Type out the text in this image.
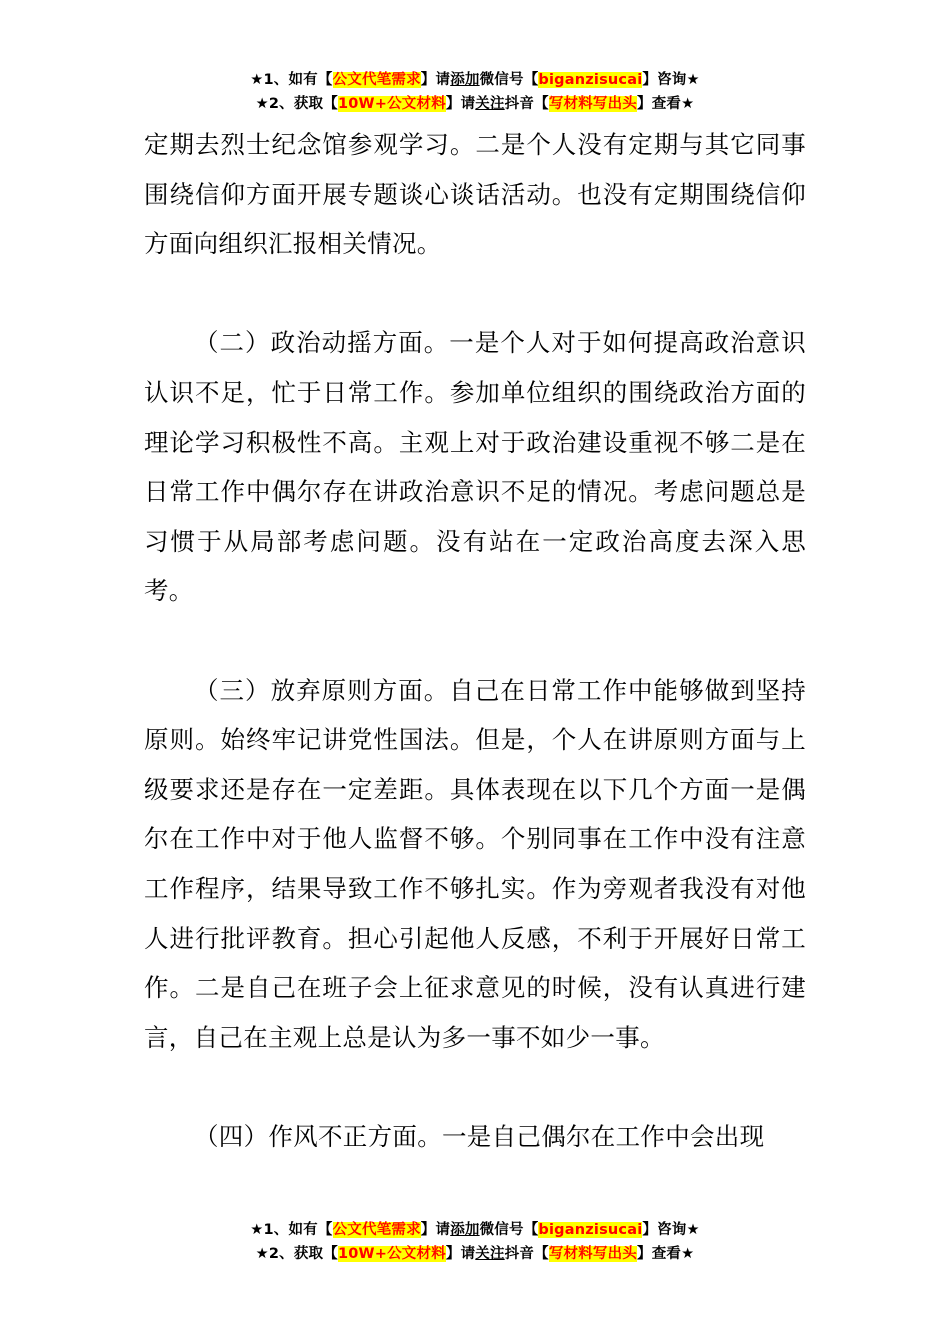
★1、如有【公文代笔需求】请添加微信号【biganzisucai】咨询★
★2、获取【10W+公文材料】请关注抖音【写材料写出头】查看★

定期去烈士纪念馆参观学习。二是个人没有定期与其它同事围绕信仰方面开展专题谈心谈话活动。也没有定期围绕信仰方面向组织汇报相关情况。

（二）政治动摇方面。一是个人对于如何提高政治意识认识不足，忙于日常工作。参加单位组织的围绕政治方面的理论学习积极性不高。主观上对于政治建设重视不够二是在日常工作中偶尔存在讲政治意识不足的情况。考虑问题总是习惯于从局部考虑问题。没有站在一定政治高度去深入思考。

（三）放弃原则方面。自己在日常工作中能够做到坚持原则。始终牢记讲党性国法。但是，个人在讲原则方面与上级要求还是存在一定差距。具体表现在以下几个方面一是偶尔在工作中对于他人监督不够。个别同事在工作中没有注意工作程序，结果导致工作不够扎实。作为旁观者我没有对他人进行批评教育。担心引起他人反感，不利于开展好日常工作。二是自己在班子会上征求意见的时候，没有认真进行建言，自己在主观上总是认为多一事不如少一事。

（四）作风不正方面。一是自己偶尔在工作中会出现

★1、如有【公文代笔需求】请添加微信号【biganzisucai】咨询★
★2、获取【10W+公文材料】请关注抖音【写材料写出头】查看★
